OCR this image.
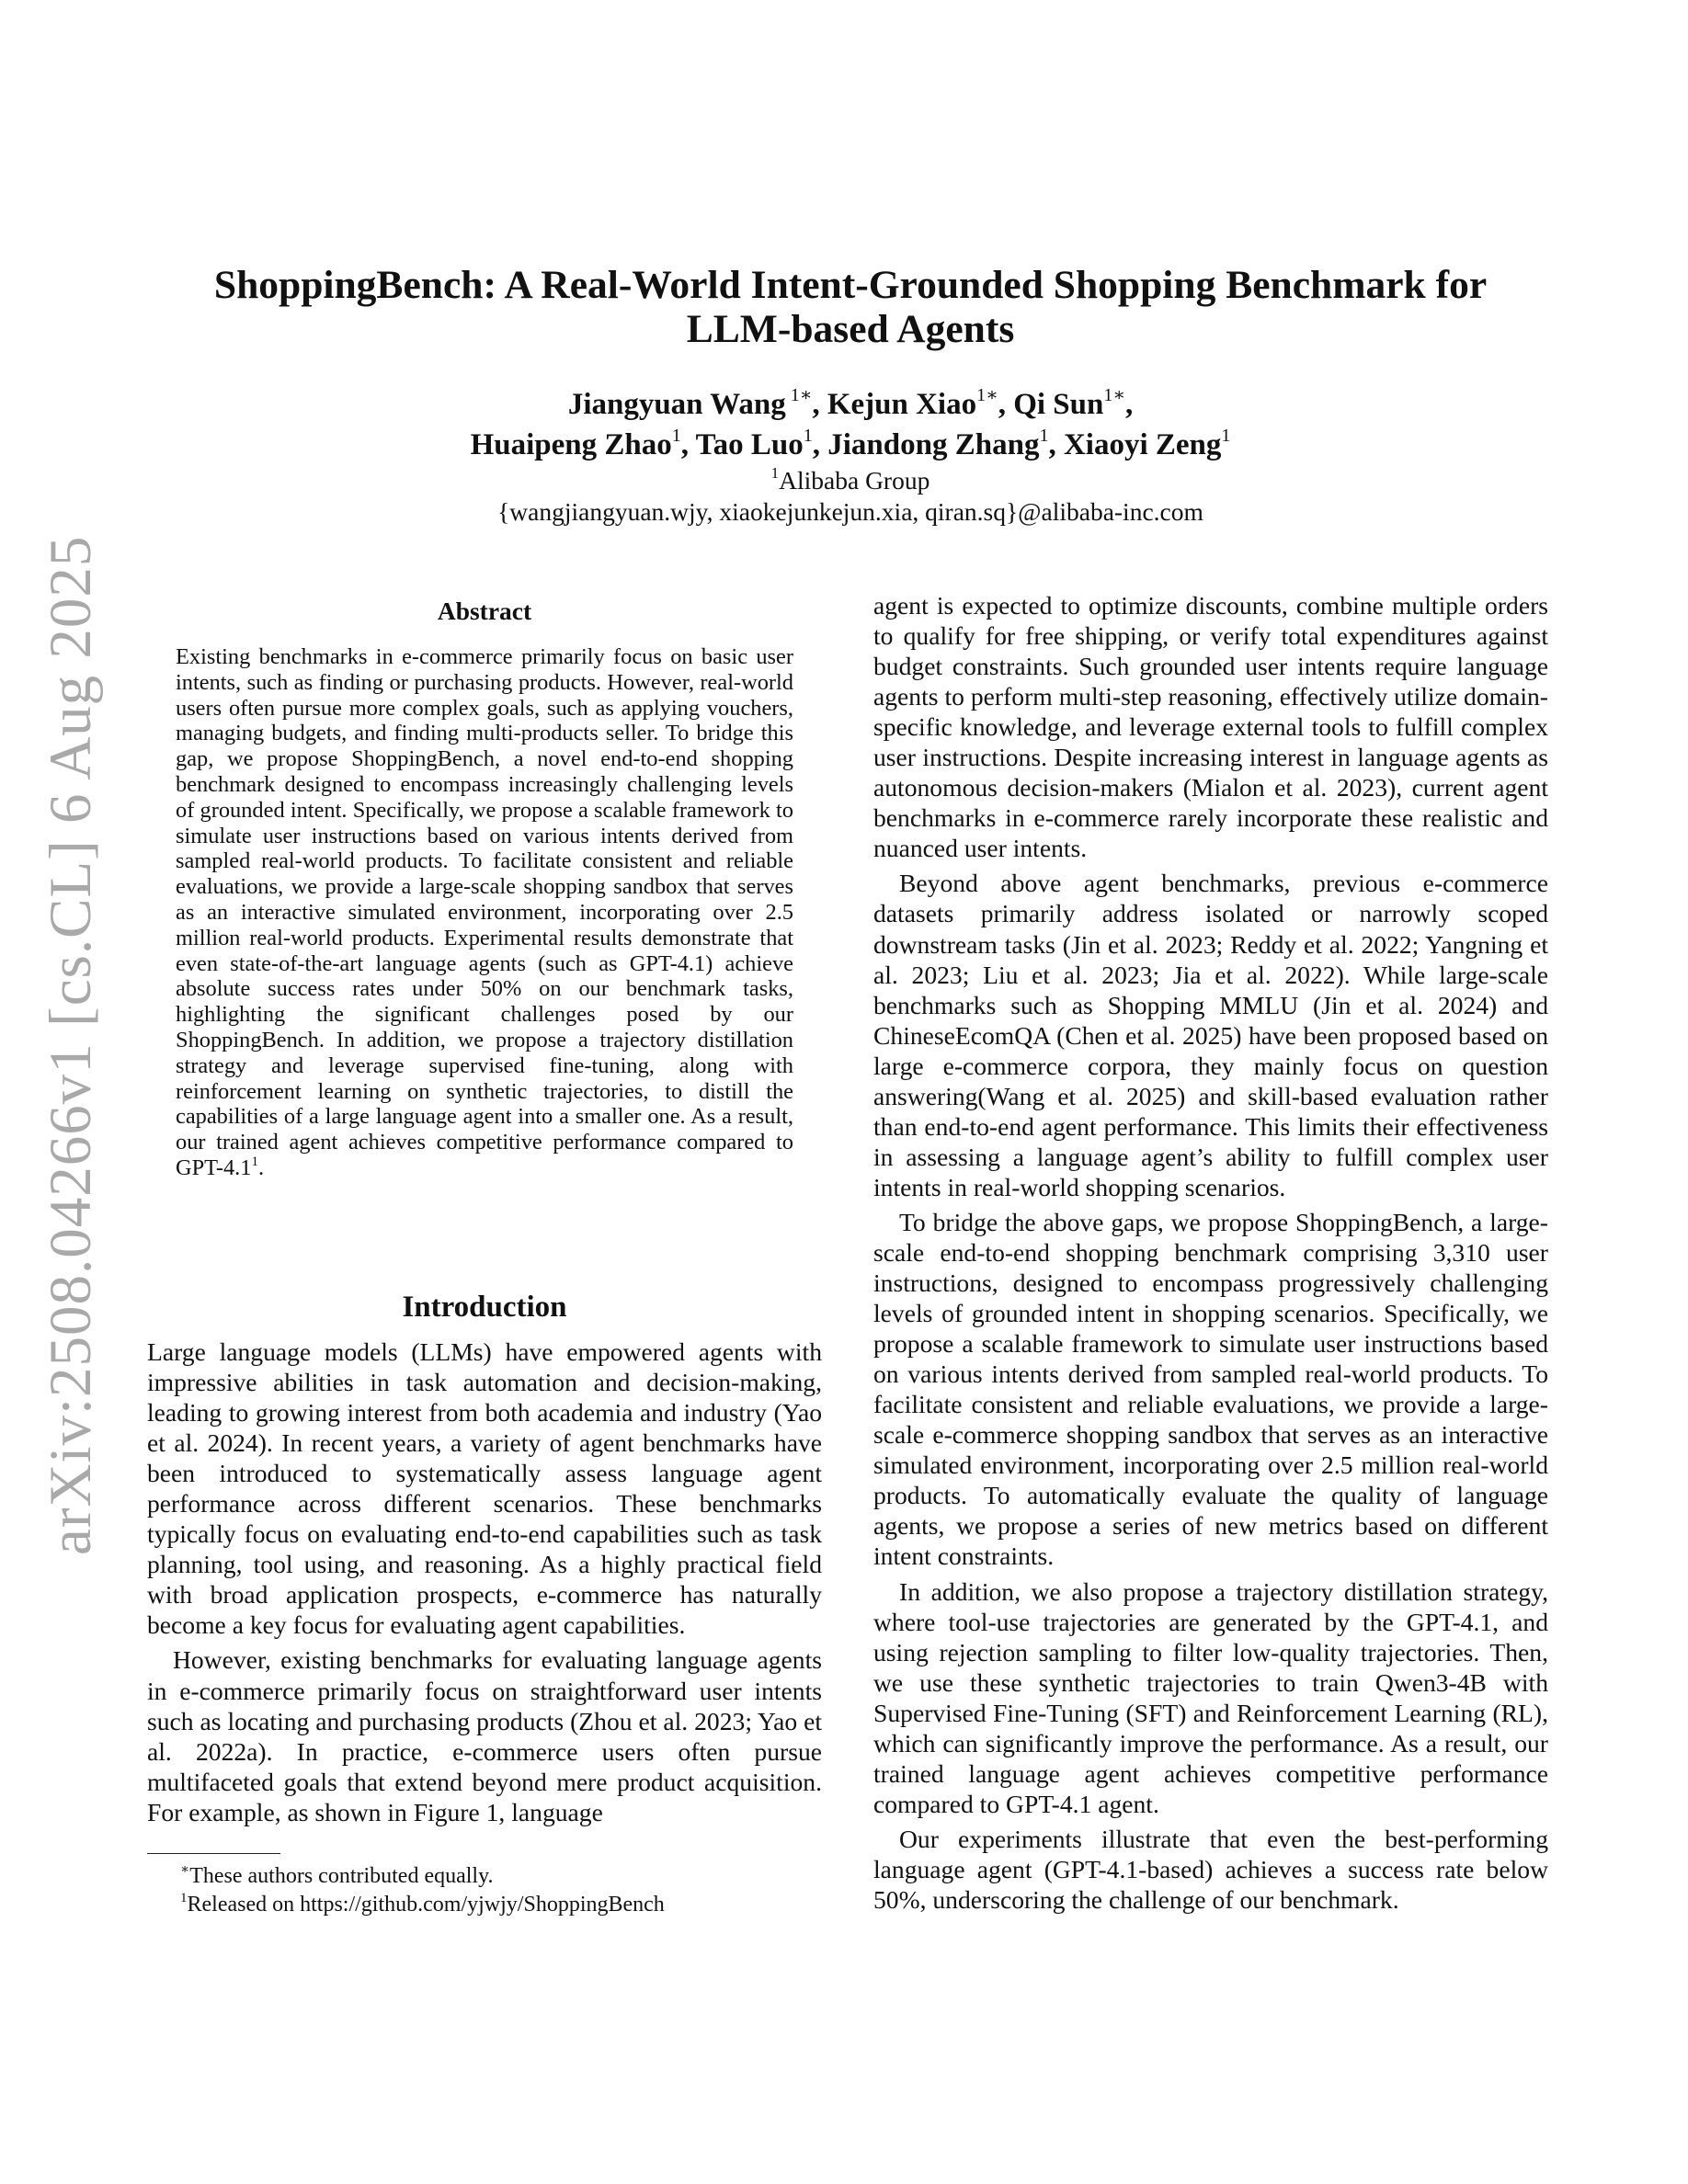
arXiv:2508.04266v1 [cs.CL] 6 Aug 2025
ShoppingBench: A Real-World Intent-Grounded Shopping Benchmark for
LLM-based Agents
Jiangyuan Wang $^{1∗}$, Kejun Xiao$^{1∗}$, Qi Sun$^{1∗}$,
Huaipeng Zhao$^1$, Tao Luo$^1$, Jiandong Zhang$^1$, Xiaoyi Zeng$^1$
$^1$Alibaba Group
{wangjiangyuan.wjy, xiaokejunkejun.xia, qiran.sq}@alibaba-inc.com
Abstract

Existing benchmarks in e-commerce primarily focus on basic user intents, such as finding or purchasing products. However, real-world users often pursue more complex goals, such as applying vouchers, managing budgets, and finding multi-products seller. To bridge this gap, we propose ShoppingBench, a novel end-to-end shopping benchmark designed to encompass increasingly challenging levels of grounded intent. Specifically, we propose a scalable framework to simulate user instructions based on various intents derived from sampled real-world products. To facilitate consistent and reliable evaluations, we provide a large-scale shopping sandbox that serves as an interactive simulated environment, incorporating over 2.5 million real-world products. Experimental results demonstrate that even state-of-the-art language agents (such as GPT-4.1) achieve absolute success rates under 50% on our benchmark tasks, highlighting the significant challenges posed by our ShoppingBench. In addition, we propose a trajectory distillation strategy and leverage supervised fine-tuning, along with reinforcement learning on synthetic trajectories, to distill the capabilities of a large language agent into a smaller one. As a result, our trained agent achieves competitive performance compared to GPT-$4.1^1$.

Introduction

Large language models (LLMs) have empowered agents with impressive abilities in task automation and decision-making, leading to growing interest from both academia and industry (Yao et al. 2024). In recent years, a variety of agent benchmarks have been introduced to systematically assess language agent performance across different scenarios. These benchmarks typically focus on evaluating end-to-end capabilities such as task planning, tool using, and reasoning. As a highly practical field with broad application prospects, e-commerce has naturally become a key focus for evaluating agent capabilities.

However, existing benchmarks for evaluating language agents in e-commerce primarily focus on straightforward user intents such as locating and purchasing products (Zhou et al. 2023; Yao et al. 2022a). In practice, e-commerce users often pursue multifaceted goals that extend beyond mere product acquisition. For example, as shown in Figure 1, language

agent is expected to optimize discounts, combine multiple orders to qualify for free shipping, or verify total expenditures against budget constraints. Such grounded user intents require language agents to perform multi-step reasoning, effectively utilize domain-specific knowledge, and leverage external tools to fulfill complex user instructions. Despite increasing interest in language agents as autonomous decision-makers (Mialon et al. 2023), current agent benchmarks in e-commerce rarely incorporate these realistic and nuanced user intents.

Beyond above agent benchmarks, previous e-commerce datasets primarily address isolated or narrowly scoped downstream tasks (Jin et al. 2023; Reddy et al. 2022; Yangning et al. 2023; Liu et al. 2023; Jia et al. 2022). While large-scale benchmarks such as Shopping MMLU (Jin et al. 2024) and ChineseEcomQA (Chen et al. 2025) have been proposed based on large e-commerce corpora, they mainly focus on question answering(Wang et al. 2025) and skill-based evaluation rather than end-to-end agent performance. This limits their effectiveness in assessing a language agent’s ability to fulfill complex user intents in real-world shopping scenarios.

To bridge the above gaps, we propose ShoppingBench, a large-scale end-to-end shopping benchmark comprising 3,310 user instructions, designed to encompass progressively challenging levels of grounded intent in shopping scenarios. Specifically, we propose a scalable framework to simulate user instructions based on various intents derived from sampled real-world products. To facilitate consistent and reliable evaluations, we provide a large-scale e-commerce shopping sandbox that serves as an interactive simulated environment, incorporating over 2.5 million real-world products. To automatically evaluate the quality of language agents, we propose a series of new metrics based on different intent constraints.

In addition, we also propose a trajectory distillation strategy, where tool-use trajectories are generated by the GPT-4.1, and using rejection sampling to filter low-quality trajectories. Then, we use these synthetic trajectories to train Qwen3-4B with Supervised Fine-Tuning (SFT) and Reinforcement Learning (RL), which can significantly improve the performance. As a result, our trained language agent achieves competitive performance compared to GPT-4.1 agent.

Our experiments illustrate that even the best-performing language agent (GPT-4.1-based) achieves a success rate below 50%, underscoring the challenge of our benchmark.

∗These authors contributed equally.
$^1$Released on https://github.com/yjwjy/ShoppingBench
